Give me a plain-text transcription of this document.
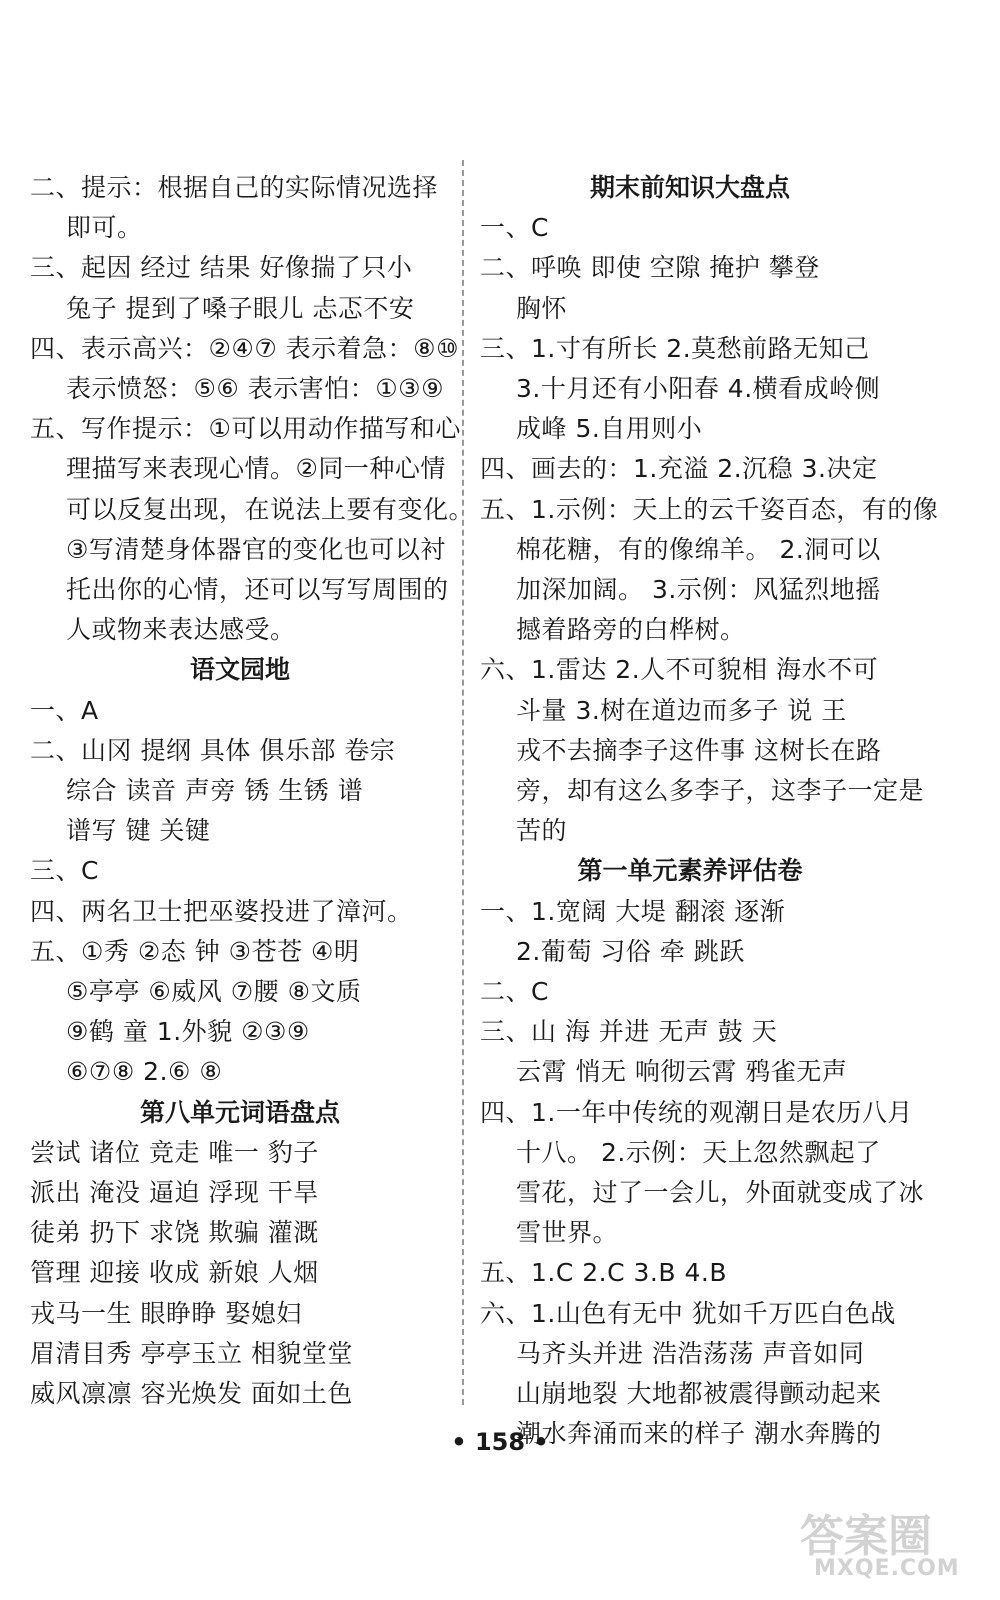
二、提示：根据自己的实际情况选择
即可。
三、起因 经过 结果 好像揣了只小
兔子 提到了嗓子眼儿 忐忑不安
四、表示高兴：②④⑦ 表示着急：⑧⑩
表示愤怒：⑤⑥ 表示害怕：①③⑨
五、写作提示：①可以用动作描写和心
理描写来表现心情。②同一种心情
可以反复出现，在说法上要有变化。
③写清楚身体器官的变化也可以衬
托出你的心情，还可以写写周围的
人或物来表达感受。
语文园地
一、A
二、山冈 提纲 具体 俱乐部 卷宗
综合 读音 声旁 锈 生锈 谱
谱写 键 关键
三、C
四、两名卫士把巫婆投进了漳河。
五、①秀 ②态 钟 ③苍苍 ④明
⑤亭亭 ⑥威风 ⑦腰 ⑧文质
⑨鹤 童 1.外貌 ②③⑨
⑥⑦⑧ 2.⑥ ⑧
第八单元词语盘点
尝试 诸位 竞走 唯一 豹子
派出 淹没 逼迫 浮现 干旱
徒弟 扔下 求饶 欺骗 灌溉
管理 迎接 收成 新娘 人烟
戎马一生 眼睁睁 娶媳妇
眉清目秀 亭亭玉立 相貌堂堂
威风凛凛 容光焕发 面如土色
期末前知识大盘点
一、C
二、呼唤 即使 空隙 掩护 攀登
胸怀
三、1.寸有所长 2.莫愁前路无知己
3.十月还有小阳春 4.横看成岭侧
成峰 5.自用则小
四、画去的：1.充溢 2.沉稳 3.决定
五、1.示例：天上的云千姿百态，有的像
棉花糖，有的像绵羊。 2.洞可以
加深加阔。 3.示例：风猛烈地摇
撼着路旁的白桦树。
六、1.雷达 2.人不可貌相 海水不可
斗量 3.树在道边而多子 说 王
戎不去摘李子这件事 这树长在路
旁，却有这么多李子，这李子一定是
苦的
第一单元素养评估卷
一、1.宽阔 大堤 翻滚 逐渐
2.葡萄 习俗 牵 跳跃
二、C
三、山 海 并进 无声 鼓 天
云霄 悄无 响彻云霄 鸦雀无声
四、1.一年中传统的观潮日是农历八月
十八。 2.示例：天上忽然飘起了
雪花，过了一会儿，外面就变成了冰
雪世界。
五、1.C 2.C 3.B 4.B
六、1.山色有无中 犹如千万匹白色战
马齐头并进 浩浩荡荡 声音如同
山崩地裂 大地都被震得颤动起来
潮水奔涌而来的样子 潮水奔腾的
• 158 •
答案圈
MXQE.COM
